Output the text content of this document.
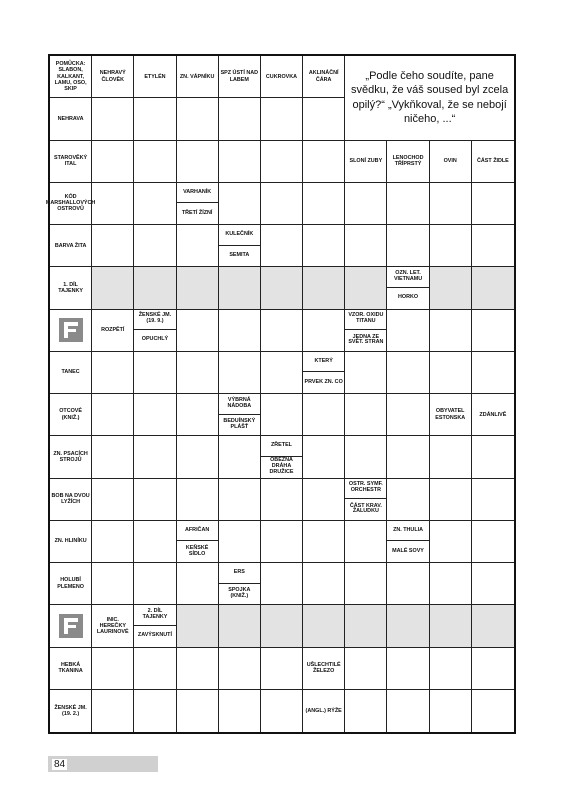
POMŮCKA: SLABON, KALKANT, LAMU, OSO, SKIP
NEHRAVÝ ČLOVĚK
ETYLÉN	ZN. VÁPNÍKU
SPZ ÚSTÍ NAD LABEM
CUKROVKA
AKLINÁČNÍ ČÁRA
NEHRAVA
STAROVĚKÝ ITAL
SLONÍ ZUBY
LENOCHOD TŘÍPRSTÝ
OVIN	ČÁST ŽIDLE
KÓD MARSHALLOVÝCH OSTROVŮ
VARHANÍK
TŘETÍ ŽÍZNÍ
BARVA ŽITA
KULEČNÍK
SEMITA
1. DÍL TAJENKY
OZN. LET. VIETNAMU
HORKO
ROZPĚTÍ
ŽENSKÉ JM. (19. 9.)
OPUCHLÝ
VZOR. OXIDU TITANU
JEDNA ZE SVĚT. STRAN
TANEC
KTERÝ
PRVEK ZN. CO
OTCOVÉ (KNIŽ.)
VÝBRNÁ NÁDOBA
BEDUÍNSKÝ PLÁŠŤ
OBYVATEL ESTONSKA
ZDÁNLIVĚ
ZN. PSACÍCH STROJŮ
ZŘETEL
OBĚŽNÁ DRÁHA DRUŽICE
BOB NA DVOU LYŽÍCH
OSTR. SYMF. ORCHESTR
ČÁST KRAV. ŽALUDKU
ZN. HLINÍKU
AFRIČAN
KEŇSKÉ SÍDLO
ZN. THULIA
MALÉ SOVY
HOLUBÍ PLEMENO
ERS
SPOJKA (KNIŽ.)
INIC. HEREČKY LAURINOVÉ
2. DÍL TAJENKY
ZAVÝSKNUTÍ
HEBKÁ TKANINA
UŠLECHTILÉ ŽELEZO
ŽENSKÉ JM. (19. 2.)
(ANGL.) RÝŽE
„Podle čeho soudíte, pane svědku, že váš soused byl zcela opilý?“ „Vykňkoval, že se nebojí ničeho, ...“
84
